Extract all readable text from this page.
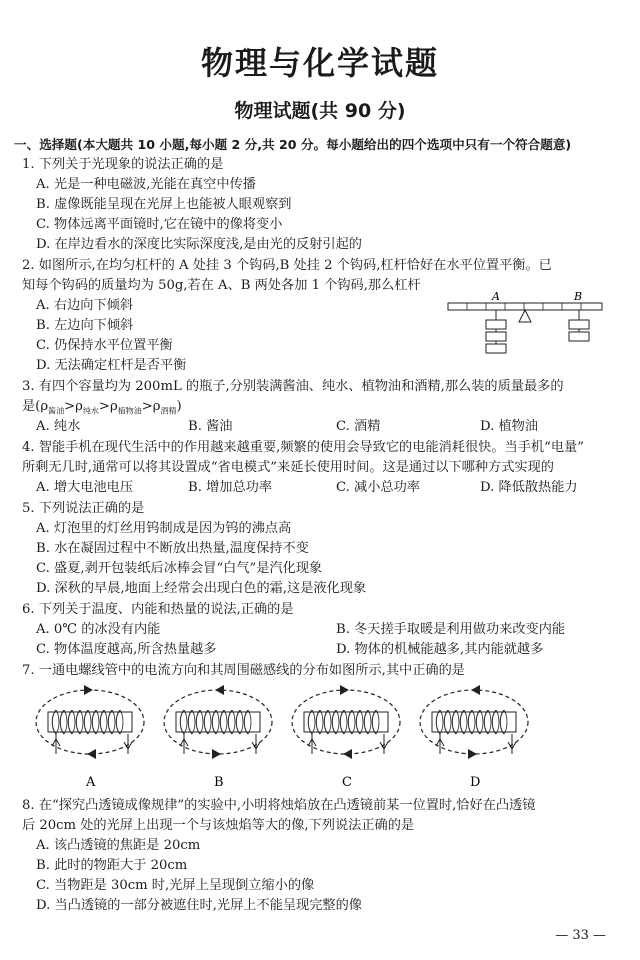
物理与化学试题
物理试题(共 90 分)
一、选择题(本大题共 10 小题,每小题 2 分,共 20 分。每小题给出的四个选项中只有一个符合题意)
1. 下列关于光现象的说法正确的是
A. 光是一种电磁波,光能在真空中传播
B. 虚像既能呈现在光屏上也能被人眼观察到
C. 物体远离平面镜时,它在镜中的像将变小
D. 在岸边看水的深度比实际深度浅,是由光的反射引起的
2. 如图所示,在均匀杠杆的 A 处挂 3 个钩码,B 处挂 2 个钩码,杠杆恰好在水平位置平衡。已
知每个钩码的质量均为 50g,若在 A、B 两处各加 1 个钩码,那么杠杆
A. 右边向下倾斜
B. 左边向下倾斜
C. 仍保持水平位置平衡
D. 无法确定杠杆是否平衡
A	B
3. 有四个容量均为 200mL 的瓶子,分别装满酱油、纯水、植物油和酒精,那么装的质量最多的
是$(\rho_{酱油}>\rho_{纯水}>\rho_{植物油}>\rho_{酒精})$
A. 纯水	B. 酱油	C. 酒精	D. 植物油
4. 智能手机在现代生活中的作用越来越重要,频繁的使用会导致它的电能消耗很快。当手机“电量”
所剩无几时,通常可以将其设置成“省电模式”来延长使用时间。这是通过以下哪种方式实现的
A. 增大电池电压	B. 增加总功率	C. 减小总功率	D. 降低散热能力
5. 下列说法正确的是
A. 灯泡里的灯丝用钨制成是因为钨的沸点高
B. 水在凝固过程中不断放出热量,温度保持不变
C. 盛夏,剥开包装纸后冰棒会冒“白气”是汽化现象
D. 深秋的早晨,地面上经常会出现白色的霜,这是液化现象
6. 下列关于温度、内能和热量的说法,正确的是
A. 0℃ 的冰没有内能	B. 冬天搓手取暖是利用做功来改变内能
C. 物体温度越高,所含热量越多	D. 物体的机械能越多,其内能就越多
7. 一通电螺线管中的电流方向和其周围磁感线的分布如图所示,其中正确的是
A	B	C	D
8. 在“探究凸透镜成像规律”的实验中,小明将烛焰放在凸透镜前某一位置时,恰好在凸透镜
后 20cm 处的光屏上出现一个与该烛焰等大的像,下列说法正确的是
A. 该凸透镜的焦距是 20cm
B. 此时的物距大于 20cm
C. 当物距是 30cm 时,光屏上呈现倒立缩小的像
D. 当凸透镜的一部分被遮住时,光屏上不能呈现完整的像
— 33 —
